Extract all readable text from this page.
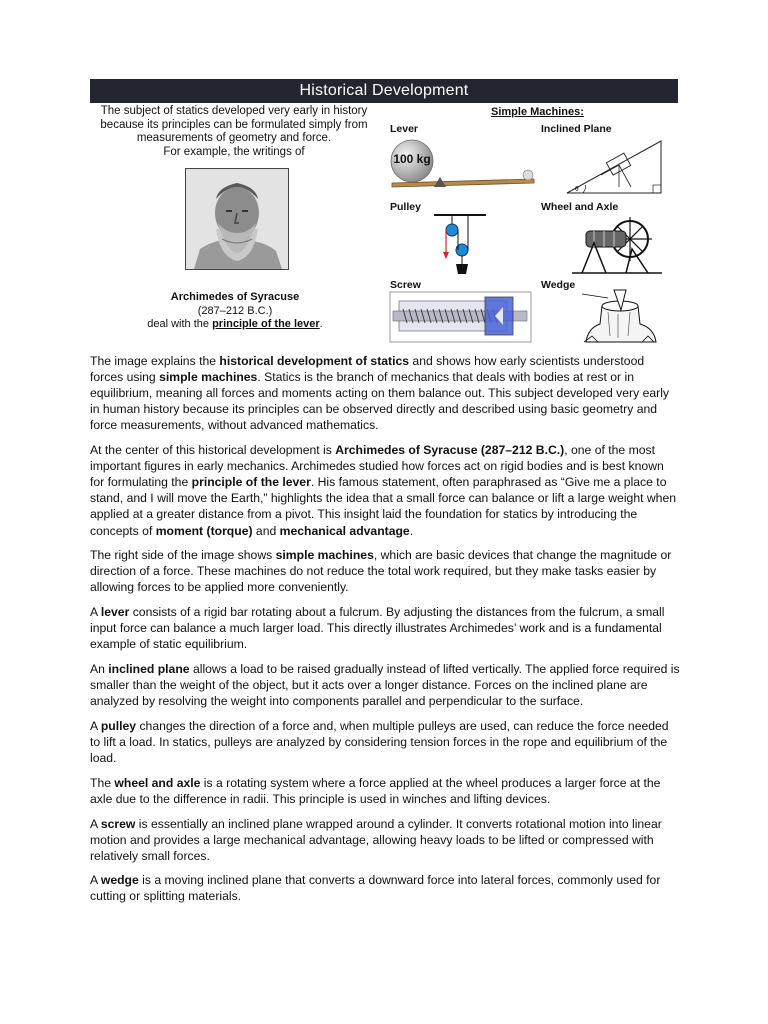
Historical Development
The subject of statics developed very early in history
because its principles can be formulated simply from
measurements of geometry and force.
For example, the writings of
Archimedes of Syracuse
(287–212 B.C.)
deal with the principle of the lever.
Simple Machines:
Lever	Inclined Plane
Pulley	Wheel and Axle
Screw	Wedge
100 kg
θ

The image explains the historical development of statics and shows how early scientists understood forces using simple machines. Statics is the branch of mechanics that deals with bodies at rest or in equilibrium, meaning all forces and moments acting on them balance out. This subject developed very early in human history because its principles can be observed directly and described using basic geometry and force measurements, without advanced mathematics.

At the center of this historical development is Archimedes of Syracuse (287–212 B.C.), one of the most important figures in early mechanics. Archimedes studied how forces act on rigid bodies and is best known for formulating the principle of the lever. His famous statement, often paraphrased as “Give me a place to stand, and I will move the Earth,” highlights the idea that a small force can balance or lift a large weight when applied at a greater distance from a pivot. This insight laid the foundation for statics by introducing the concepts of moment (torque) and mechanical advantage.

The right side of the image shows simple machines, which are basic devices that change the magnitude or direction of a force. These machines do not reduce the total work required, but they make tasks easier by allowing forces to be applied more conveniently.

A lever consists of a rigid bar rotating about a fulcrum. By adjusting the distances from the fulcrum, a small input force can balance a much larger load. This directly illustrates Archimedes’ work and is a fundamental example of static equilibrium.

An inclined plane allows a load to be raised gradually instead of lifted vertically. The applied force required is smaller than the weight of the object, but it acts over a longer distance. Forces on the inclined plane are analyzed by resolving the weight into components parallel and perpendicular to the surface.

A pulley changes the direction of a force and, when multiple pulleys are used, can reduce the force needed to lift a load. In statics, pulleys are analyzed by considering tension forces in the rope and equilibrium of the load.

The wheel and axle is a rotating system where a force applied at the wheel produces a larger force at the axle due to the difference in radii. This principle is used in winches and lifting devices.

A screw is essentially an inclined plane wrapped around a cylinder. It converts rotational motion into linear motion and provides a large mechanical advantage, allowing heavy loads to be lifted or compressed with relatively small forces.

A wedge is a moving inclined plane that converts a downward force into lateral forces, commonly used for cutting or splitting materials.
